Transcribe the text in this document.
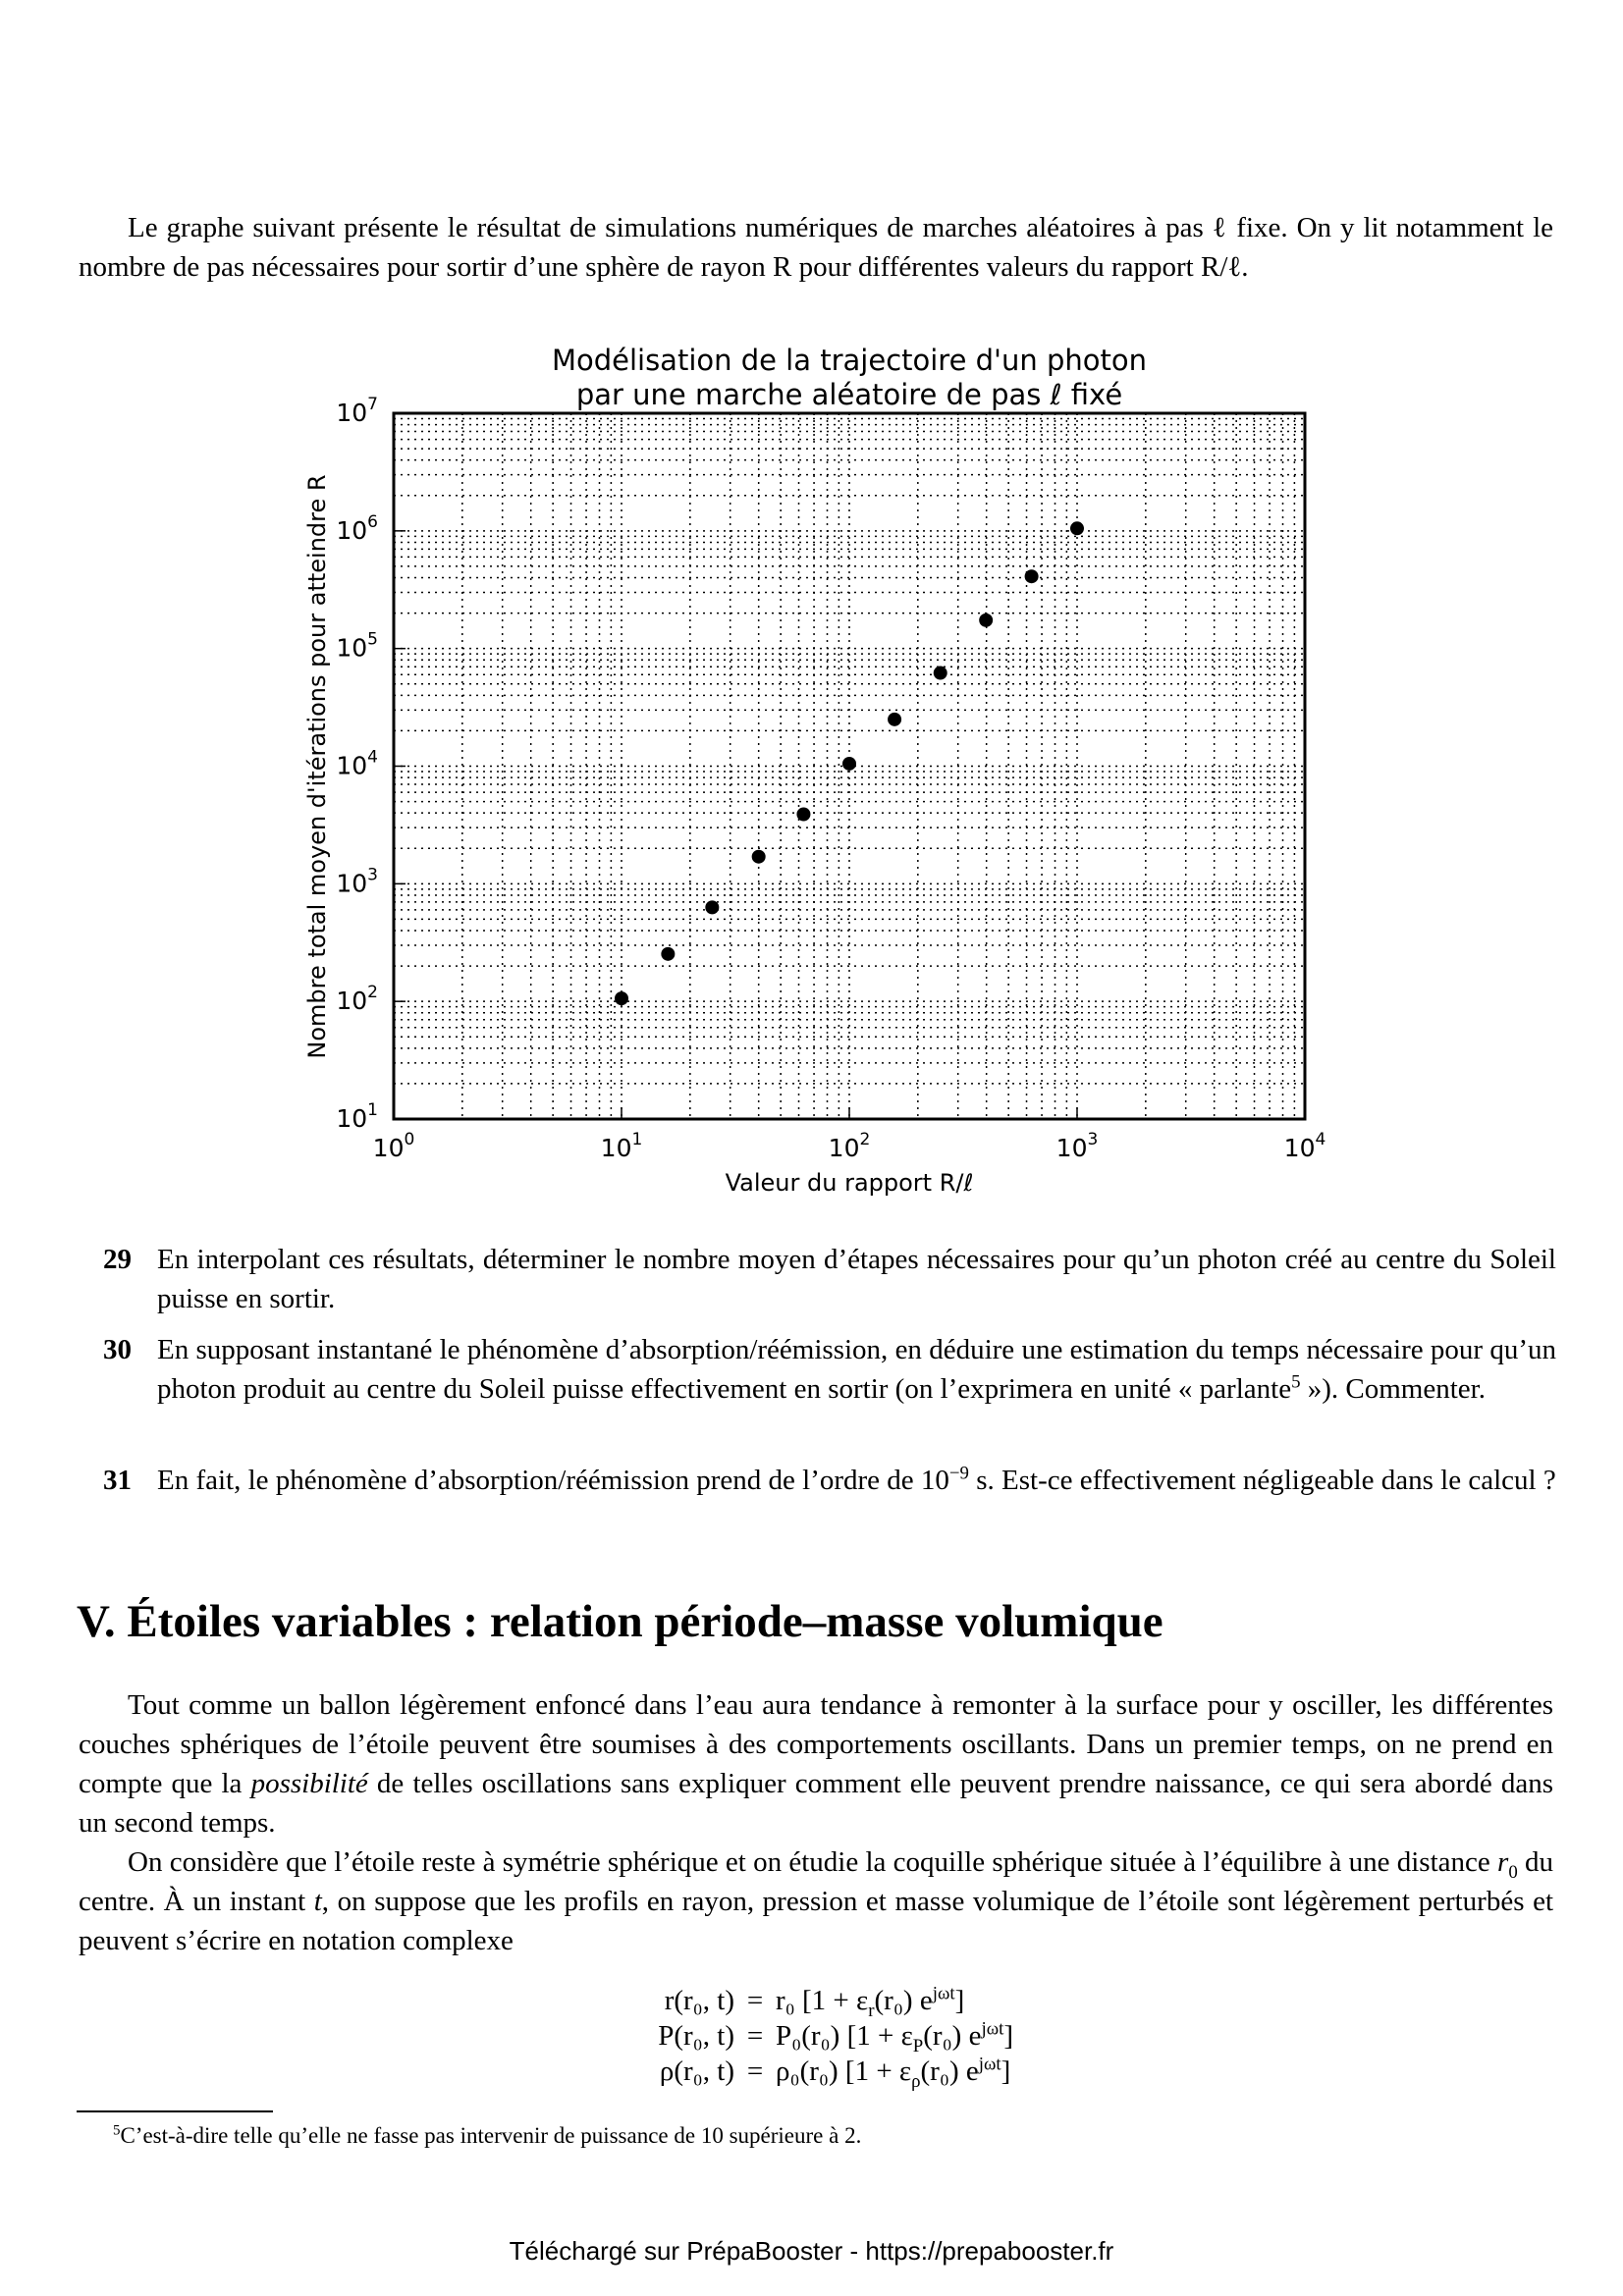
Le graphe suivant présente le résultat de simulations numériques de marches aléatoires à pas ℓ fixe. On y lit notamment le nombre de pas nécessaires pour sortir d’une sphère de rayon R pour différentes valeurs du rapport R/ℓ.
Modélisation de la trajectoire d'un photon
par une marche aléatoire de pas ℓ fixé
$10^0$	$10^1$	$10^2$	$10^3$	$10^4$
$10^1$
$10^2$
$10^3$
$10^4$
$10^5$
$10^6$
$10^7$
Valeur du rapport R/ℓ
Nombre total moyen d'itérations pour atteindre R
29 En interpolant ces résultats, déterminer le nombre moyen d’étapes nécessaires pour qu’un photon créé au centre du Soleil puisse en sortir.
30 En supposant instantané le phénomène d’absorption/réémission, en déduire une estimation du temps nécessaire pour qu’un photon produit au centre du Soleil puisse effectivement en sortir (on l’exprimera en unité « parlante$^5$ »). Commenter.
31 En fait, le phénomène d’absorption/réémission prend de l’ordre de $10^{-9}$ s. Est-ce effectivement négligeable dans le calcul ?
V. Étoiles variables : relation période–masse volumique
Tout comme un ballon légèrement enfoncé dans l’eau aura tendance à remonter à la surface pour y osciller, les différentes couches sphériques de l’étoile peuvent être soumises à des comportements oscillants. Dans un premier temps, on ne prend en compte que la possibilité de telles oscillations sans expliquer comment elle peuvent prendre naissance, ce qui sera abordé dans un second temps.
On considère que l’étoile reste à symétrie sphérique et on étudie la coquille sphérique située à l’équilibre à une distance $r_0$ du centre. À un instant t, on suppose que les profils en rayon, pression et masse volumique de l’étoile sont légèrement perturbés et peuvent s’écrire en notation complexe
r(r₀, t) = r₀ [$1 + \varepsilon_r(r_0)$ $e^{j\omega t}$]
P(r₀, t) = P₀(r₀) [$1 + \varepsilon_P(r_0)$ $e^{j\omega t}$]
ρ(r₀, t) = ρ₀(r₀) [$1 + \varepsilon_\rho(r_0)$ $e^{j\omega t}$]
$^5$C’est-à-dire telle qu’elle ne fasse pas intervenir de puissance de 10 supérieure à 2.
Téléchargé sur PrépaBooster - https://prepabooster.fr
